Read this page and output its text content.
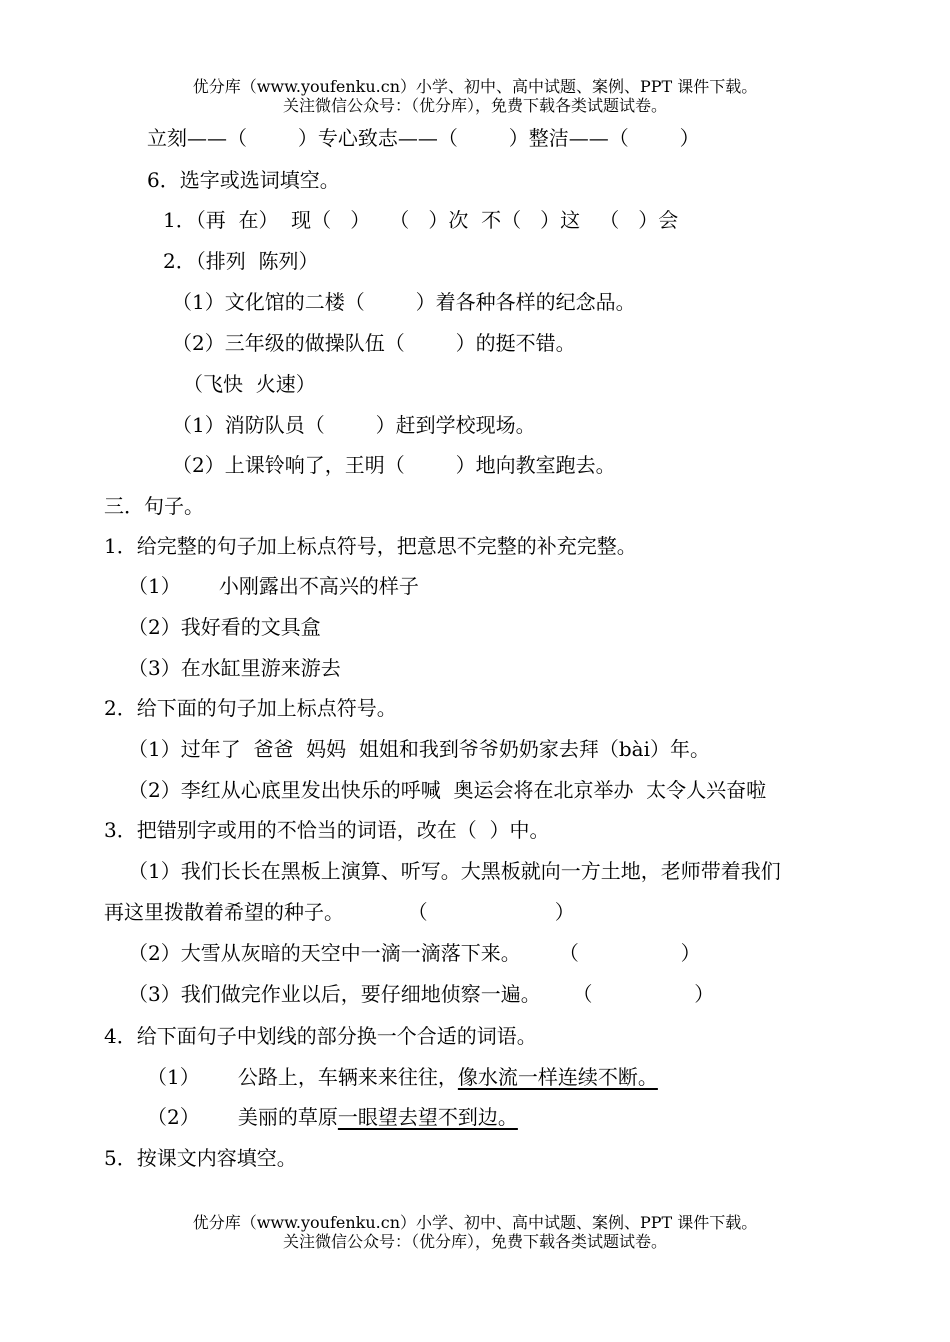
优分库（www.youfenku.cn）小学、初中、高中试题、案例、PPT 课件下载。
关注微信公众号：（优分库），免费下载各类试题试卷。
立刻——（        ）专心致志——（        ）整洁——（        ）
6．选字或选词填空。
1．（再  在）  现（   ）   （   ）次  不（   ）这   （   ）会
2．（排列  陈列）
（1）文化馆的二楼（        ）着各种各样的纪念品。
（2）三年级的做操队伍（        ）的挺不错。
（飞快  火速）
（1）消防队员（        ）赶到学校现场。
（2）上课铃响了，王明（        ）地向教室跑去。
三．句子。
1．给完整的句子加上标点符号，把意思不完整的补充完整。
（1）      小刚露出不高兴的样子
（2）我好看的文具盒
（3）在水缸里游来游去
2．给下面的句子加上标点符号。
（1）过年了  爸爸  妈妈  姐姐和我到爷爷奶奶家去拜（bài）年。
（2）李红从心底里发出快乐的呼喊  奥运会将在北京举办  太令人兴奋啦
3．把错别字或用的不恰当的词语，改在（  ）中。
（1）我们长长在黑板上演算、听写。大黑板就向一方土地，老师带着我们
再这里拨散着希望的种子。          （                    ）
（2）大雪从灰暗的天空中一滴一滴落下来。      （                ）
（3）我们做完作业以后，要仔细地侦察一遍。     （                ）
4．给下面句子中划线的部分换一个合适的词语。
（1）      公路上，车辆来来往往，像水流一样连续不断。
（2）      美丽的草原一眼望去望不到边。
5．按课文内容填空。
优分库（www.youfenku.cn）小学、初中、高中试题、案例、PPT 课件下载。
关注微信公众号：（优分库），免费下载各类试题试卷。
